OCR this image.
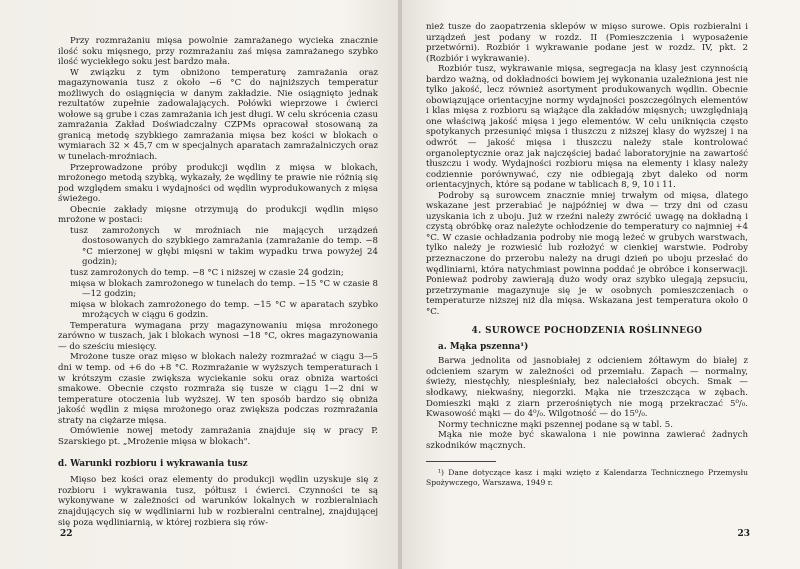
Przy rozmrażaniu mięsa powolnie zamrażanego wycieka znacznie ilość soku mięsnego, przy rozmrażaniu zaś mięsa zamrażanego szybko ilość wyciekłego soku jest bardzo mała.

W związku z tym obniżono temperaturę zamrażania oraz magazynowania tusz z około −6 °C do najniższych temperatur możliwych do osiągnięcia w danym zakładzie. Nie osiągnięto jednak rezultatów zupełnie zadowalających. Połówki wieprzowe i ćwierci wołowe są grube i czas zamrażania ich jest długi. W celu skrócenia czasu zamrażania Zakład Doświadczalny CZPMs opracował stosowaną za granicą metodę szybkiego zamrażania mięsa bez kości w blokach o wymiarach 32 × 45,7 cm w specjalnych aparatach zamrażalniczych oraz w tunelach-mroźniach.

Przeprowadzone próby produkcji wędlin z mięsa w blokach, mrożonego metodą szybką, wykazały, że wędliny te prawie nie różnią się pod względem smaku i wydajności od wędlin wyprodukowanych z mięsa świeżego.

Obecnie zakłady mięsne otrzymują do produkcji wędlin mięso mrożone w postaci:

tusz zamrożonych w mroźniach nie mających urządzeń dostosowanych do szybkiego zamrażania (zamrażanie do temp. −8 °C mierzonej w głębi mięsni w takim wypadku trwa powyżej 24 godzin);

tusz zamrożonych do temp. −8 °C i niższej w czasie 24 godzin;

mięsa w blokach zamrożonego w tunelach do temp. −15 °C w czasie 8—12 godzin;

mięsa w blokach zamrożonego do temp. −15 °C w aparatach szybko mrożących w ciągu 6 godzin.

Temperatura wymagana przy magazynowaniu mięsa mrożonego zarówno w tuszach, jak i blokach wynosi −18 °C, okres magazynowania — do sześciu miesięcy.

Mrożone tusze oraz mięso w blokach należy rozmrażać w ciągu 3—5 dni w temp. od +6 do +8 °C. Rozmrażanie w wyższych temperaturach i w krótszym czasie zwiększa wyciekanie soku oraz obniża wartości smakowe. Obecnie często rozmraża się tusze w ciągu 1—2 dni w temperature otoczenia lub wyższej. W ten sposób bardzo się obniża jakość wędlin z mięsa mrożonego oraz zwiększa podczas rozmrażania straty na ciężarze mięsa.

Omówienie nowej metody zamrażania znajduje się w pracy P. Szarskiego pt. „Mrożenie mięsa w blokach".

d. Warunki rozbioru i wykrawania tusz

Mięso bez kości oraz elementy do produkcji wędlin uzyskuje się z rozbioru i wykrawania tusz, półtusz i ćwierci. Czynności te są wykonywane w zależności od warunków lokalnych w rozbieralniach znajdujących się w wędliniarni lub w rozbieralni centralnej, znajdującej się poza wędliniarnią, w której rozbiera się rów-

22

nież tusze do zaopatrzenia sklepów w mięso surowe. Opis rozbieralni i urządzeń jest podany w rozdz. II (Pomieszczenia i wyposażenie przetwórni). Rozbiór i wykrawanie podane jest w rozdz. IV, pkt. 2 (Rozbiór i wykrawanie).

Rozbiór tusz, wykrawanie mięsa, segregacja na klasy jest czynnością bardzo ważną, od dokładności bowiem jej wykonania uzależniona jest nie tylko jakość, lecz również asortyment produkowanych wędlin. Obecnie obowiązujące orientacyjne normy wydajności poszczególnych elementów i klas mięsa z rozbioru są wiążące dla zakładów mięsnych; uwzględniają one właściwą jakość mięsa i jego elementów. W celu uniknięcia często spotykanych przesunięć mięsa i tłuszczu z niższej klasy do wyższej i na odwrót — jakość mięsa i tłuszczu należy stale kontrolować organoleptycznie oraz jak najczęściej badać laboratoryjnie na zawartość tłuszczu i wody. Wydajności rozbioru mięsa na elementy i klasy należy codziennie porównywać, czy nie odbiegają zbyt daleko od norm orientacyjnych, które są podane w tablicach 8, 9, 10 i 11.

Podroby są surowcem znacznie mniej trwałym od mięsa, dlatego wskazane jest przerabiać je najpóźniej w dwa — trzy dni od czasu uzyskania ich z uboju. Już w rzeźni należy zwrócić uwagę na dokładną i czystą obróbkę oraz należyte ochłodzenie do temperatury co najmniej +4 °C. W czasie ochładzania podroby nie mogą leżeć w grubych warstwach, tylko należy je rozwiesić lub rozłożyć w cienkiej warstwie. Podroby przeznaczone do przerobu należy na drugi dzień po uboju przesłać do wędliniarni, która natychmiast powinna poddać je obróbce i konserwacji. Ponieważ podroby zawierają dużo wody oraz szybko ulegają zepsuciu, przetrzymanie magazynuje się je w osobnych pomieszczeniach o temperaturze niższej niż dla mięsa. Wskazana jest temperatura około 0 °C.

4. SUROWCE POCHODZENIA ROŚLINNEGO
a. Mąka pszenna¹)

Barwa jednolita od jasnobiałej z odcieniem żółtawym do białej z odcieniem szarym w zależności od przemiału. Zapach — normalny, świeży, niestęchły, niespleśniały, bez naleciałości obcych. Smak — słodkawy, niekwaśny, niegorzki. Mąka nie trzeszcząca w zębach. Domieszki mąki z ziarn przerośniętych nie mogą przekraczać 5⁰/₀. Kwasowość mąki — do 4⁰/₀. Wilgotność — do 15⁰/₀.

Normy techniczne mąki pszennej podane są w tabl. 5.

Mąka nie może być skawalona i nie powinna zawierać żadnych szkodników mącznych.

¹) Dane dotyczące kasz i mąki wzięto z Kalendarza Technicznego Przemysłu Spożywczego, Warszawa, 1949 r.

23
